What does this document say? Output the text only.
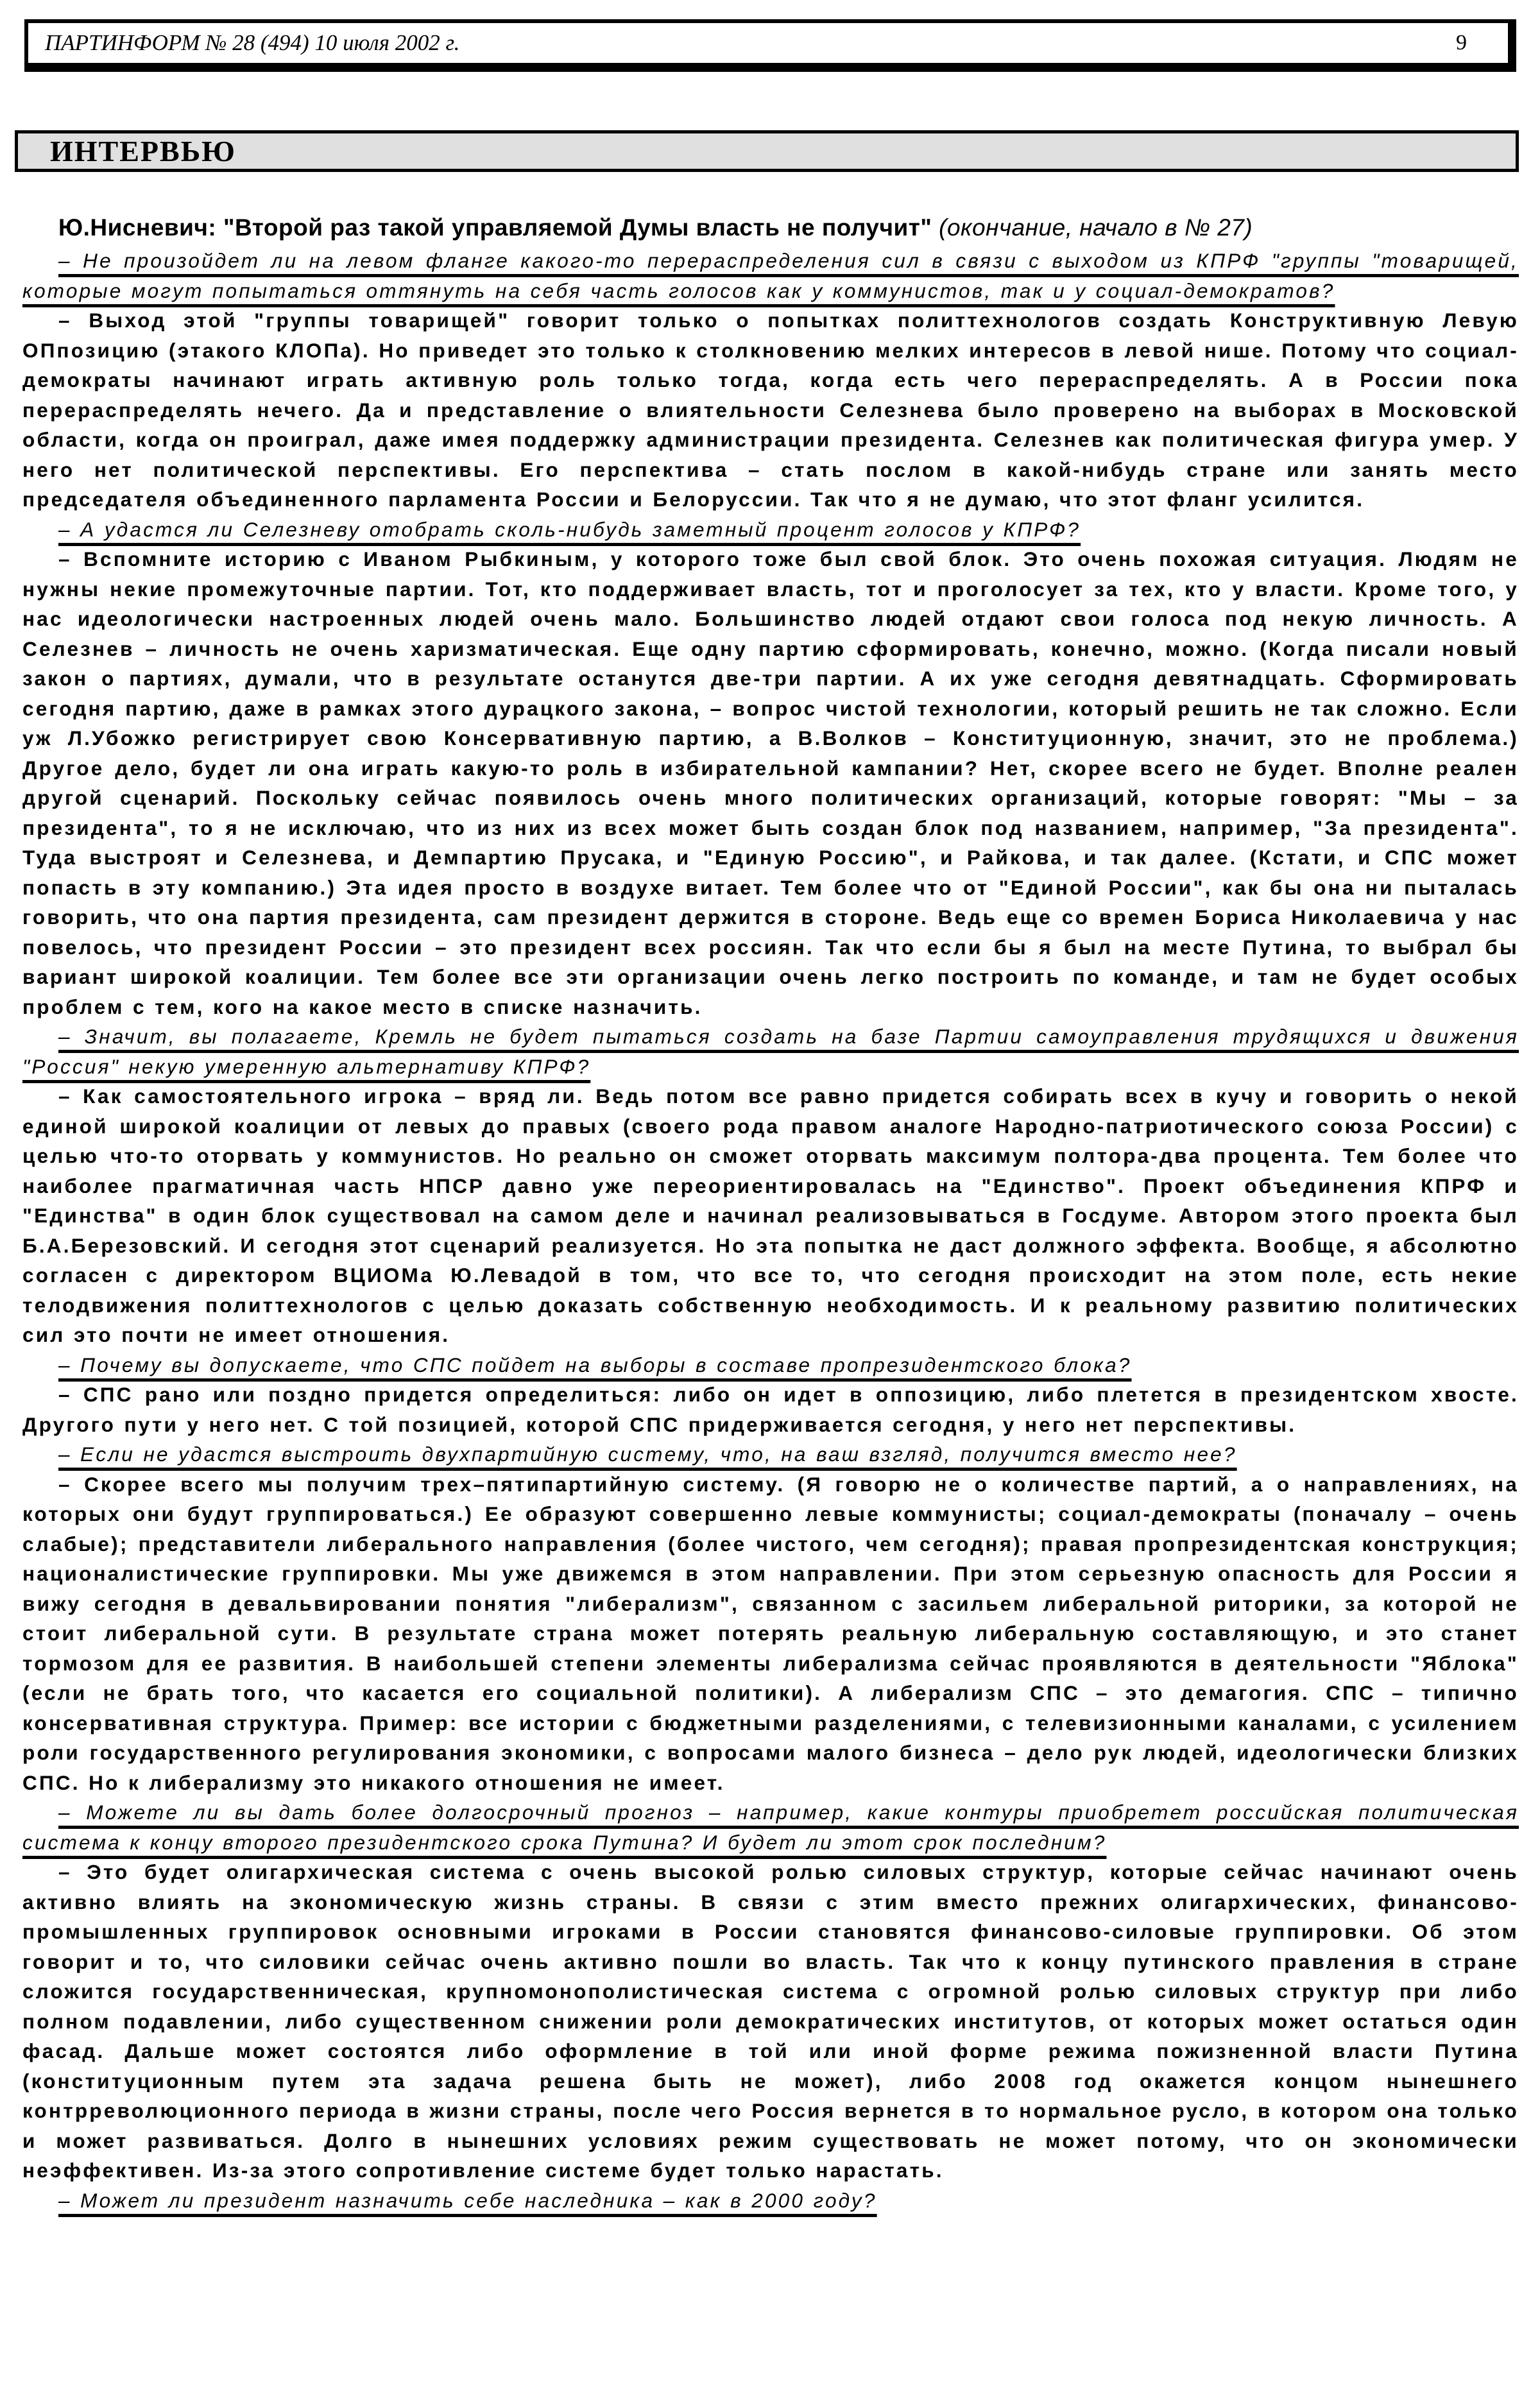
ПАРТИНФОРМ № 28 (494) 10 июля 2002 г.	9
ИНТЕРВЬЮ
Ю.Нисневич: "Второй раз такой управляемой Думы власть не получит" (окончание, начало в № 27)

– Не произойдет ли на левом фланге какого-то перераспределения сил в связи с выходом из КПРФ "группы "товарищей, которые могут попытаться оттянуть на себя часть голосов как у коммунистов, так и у социал-демократов?

– Выход этой "группы товарищей" говорит только о попытках политтехнологов создать Конструктивную Левую ОПпозицию (этакого КЛОПа). Но приведет это только к столкновению мелких интересов в левой нише. Потому что социал-демократы начинают играть активную роль только тогда, когда есть чего перераспределять. А в России пока перераспределять нечего. Да и представление о влиятельности Селезнева было проверено на выборах в Московской области, когда он проиграл, даже имея поддержку администрации президента. Селезнев как политическая фигура умер. У него нет политической перспективы. Его перспектива – стать послом в какой-нибудь стране или занять место председателя объединенного парламента России и Белоруссии. Так что я не думаю, что этот фланг усилится.

– А удастся ли Селезневу отобрать сколь-нибудь заметный процент голосов у КПРФ?

– Вспомните историю с Иваном Рыбкиным, у которого тоже был свой блок. Это очень похожая ситуация. Людям не нужны некие промежуточные партии. Тот, кто поддерживает власть, тот и проголосует за тех, кто у власти. Кроме того, у нас идеологически настроенных людей очень мало. Большинство людей отдают свои голоса под некую личность. А Селезнев – личность не очень харизматическая. Еще одну партию сформировать, конечно, можно. (Когда писали новый закон о партиях, думали, что в результате останутся две-три партии. А их уже сегодня девятнадцать. Сформировать сегодня партию, даже в рамках этого дурацкого закона, – вопрос чистой технологии, который решить не так сложно. Если уж Л.Убожко регистрирует свою Консервативную партию, а В.Волков – Конституционную, значит, это не проблема.) Другое дело, будет ли она играть какую-то роль в избирательной кампании? Нет, скорее всего не будет. Вполне реален другой сценарий. Поскольку сейчас появилось очень много политических организаций, которые говорят: "Мы – за президента", то я не исключаю, что из них из всех может быть создан блок под названием, например, "За президента". Туда выстроят и Селезнева, и Демпартию Прусака, и "Единую Россию", и Райкова, и так далее. (Кстати, и СПС может попасть в эту компанию.) Эта идея просто в воздухе витает. Тем более что от "Единой России", как бы она ни пыталась говорить, что она партия президента, сам президент держится в стороне. Ведь еще со времен Бориса Николаевича у нас повелось, что президент России – это президент всех россиян. Так что если бы я был на месте Путина, то выбрал бы вариант широкой коалиции. Тем более все эти организации очень легко построить по команде, и там не будет особых проблем с тем, кого на какое место в списке назначить.

– Значит, вы полагаете, Кремль не будет пытаться создать на базе Партии самоуправления трудящихся и движения "Россия" некую умеренную альтернативу КПРФ?

– Как самостоятельного игрока – вряд ли. Ведь потом все равно придется собирать всех в кучу и говорить о некой единой широкой коалиции от левых до правых (своего рода правом аналоге Народно-патриотического союза России) с целью что-то оторвать у коммунистов. Но реально он сможет оторвать максимум полтора-два процента. Тем более что наиболее прагматичная часть НПСР давно уже переориентировалась на "Единство". Проект объединения КПРФ и "Единства" в один блок существовал на самом деле и начинал реализовываться в Госдуме. Автором этого проекта был Б.А.Березовский. И сегодня этот сценарий реализуется. Но эта попытка не даст должного эффекта. Вообще, я абсолютно согласен с директором ВЦИОМа Ю.Левадой в том, что все то, что сегодня происходит на этом поле, есть некие телодвижения политтехнологов с целью доказать собственную необходимость. И к реальному развитию политических сил это почти не имеет отношения.

– Почему вы допускаете, что СПС пойдет на выборы в составе пропрезидентского блока?

– СПС рано или поздно придется определиться: либо он идет в оппозицию, либо плетется в президентском хвосте. Другого пути у него нет. С той позицией, которой СПС придерживается сегодня, у него нет перспективы.

– Если не удастся выстроить двухпартийную систему, что, на ваш взгляд, получится вместо нее?

– Скорее всего мы получим трех–пятипартийную систему. (Я говорю не о количестве партий, а о направлениях, на которых они будут группироваться.) Ее образуют совершенно левые коммунисты; социал-демократы (поначалу – очень слабые); представители либерального направления (более чистого, чем сегодня); правая пропрезидентская конструкция; националистические группировки. Мы уже движемся в этом направлении. При этом серьезную опасность для России я вижу сегодня в девальвировании понятия "либерализм", связанном с засильем либеральной риторики, за которой не стоит либеральной сути. В результате страна может потерять реальную либеральную составляющую, и это станет тормозом для ее развития. В наибольшей степени элементы либерализма сейчас проявляются в деятельности "Яблока" (если не брать того, что касается его социальной политики). А либерализм СПС – это демагогия. СПС – типично консервативная структура. Пример: все истории с бюджетными разделениями, с телевизионными каналами, с усилением роли государственного регулирования экономики, с вопросами малого бизнеса – дело рук людей, идеологически близких СПС. Но к либерализму это никакого отношения не имеет.

– Можете ли вы дать более долгосрочный прогноз – например, какие контуры приобретет российская политическая система к концу второго президентского срока Путина? И будет ли этот срок последним?

– Это будет олигархическая система с очень высокой ролью силовых структур, которые сейчас начинают очень активно влиять на экономическую жизнь страны. В связи с этим вместо прежних олигархических, финансово-промышленных группировок основными игроками в России становятся финансово-силовые группировки. Об этом говорит и то, что силовики сейчас очень активно пошли во власть. Так что к концу путинского правления в стране сложится государственническая, крупномонополистическая система с огромной ролью силовых структур при либо полном подавлении, либо существенном снижении роли демократических институтов, от которых может остаться один фасад. Дальше может состоятся либо оформление в той или иной форме режима пожизненной власти Путина (конституционным путем эта задача решена быть не может), либо 2008 год окажется концом нынешнего контрреволюционного периода в жизни страны, после чего Россия вернется в то нормальное русло, в котором она только и может развиваться. Долго в нынешних условиях режим существовать не может потому, что он экономически неэффективен. Из-за этого сопротивление системе будет только нарастать.

– Может ли президент назначить себе наследника – как в 2000 году?
